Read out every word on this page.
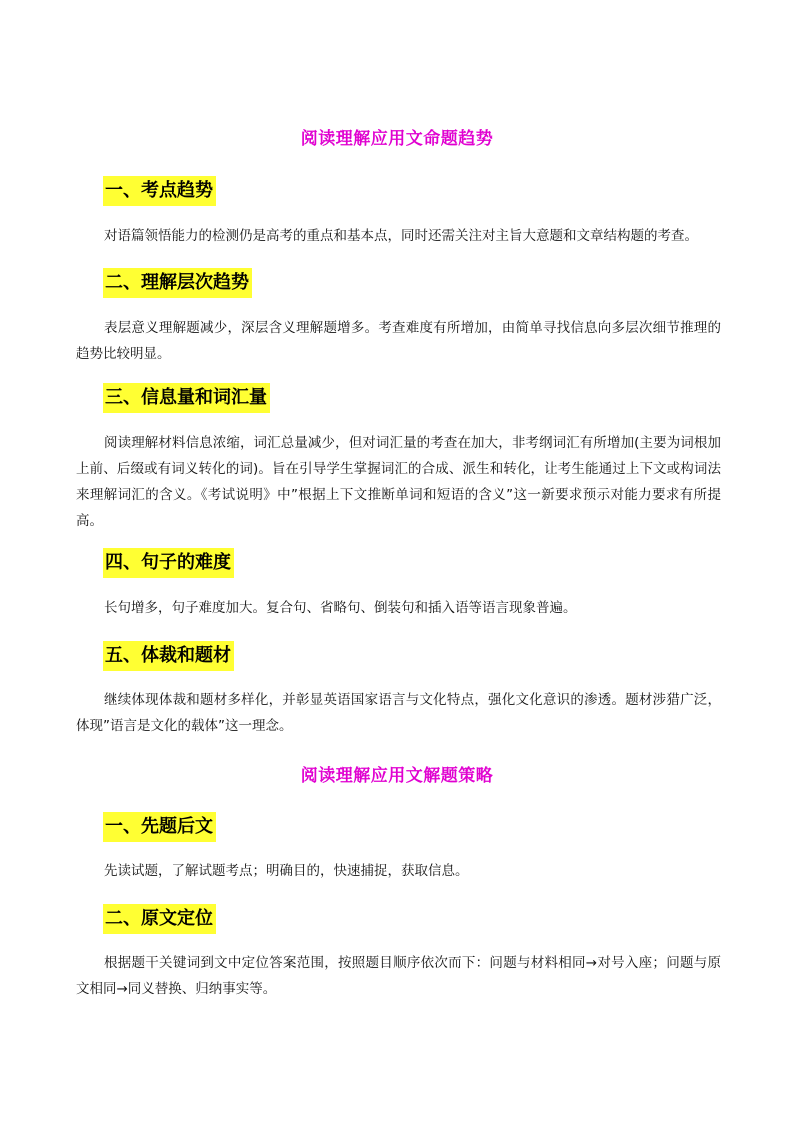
阅读理解应用文命题趋势
一、考点趋势

对语篇领悟能力的检测仍是高考的重点和基本点，同时还需关注对主旨大意题和文章结构题的考查。

二、理解层次趋势

表层意义理解题减少，深层含义理解题增多。考查难度有所增加，由简单寻找信息向多层次细节推理的趋势比较明显。

三、信息量和词汇量

阅读理解材料信息浓缩，词汇总量减少，但对词汇量的考查在加大，非考纲词汇有所增加(主要为词根加上前、后缀或有词义转化的词)。旨在引导学生掌握词汇的合成、派生和转化，让考生能通过上下文或构词法来理解词汇的含义。《考试说明》中”根据上下文推断单词和短语的含义”这一新要求预示对能力要求有所提高。

四、句子的难度

长句增多，句子难度加大。复合句、省略句、倒装句和插入语等语言现象普遍。

五、体裁和题材

继续体现体裁和题材多样化，并彰显英语国家语言与文化特点，强化文化意识的渗透。题材涉猎广泛，体现”语言是文化的载体”这一理念。

阅读理解应用文解题策略
一、先题后文

先读试题，了解试题考点；明确目的，快速捕捉，获取信息。

二、原文定位

根据题干关键词到文中定位答案范围，按照题目顺序依次而下：问题与材料相同→对号入座；问题与原文相同→同义替换、归纳事实等。
